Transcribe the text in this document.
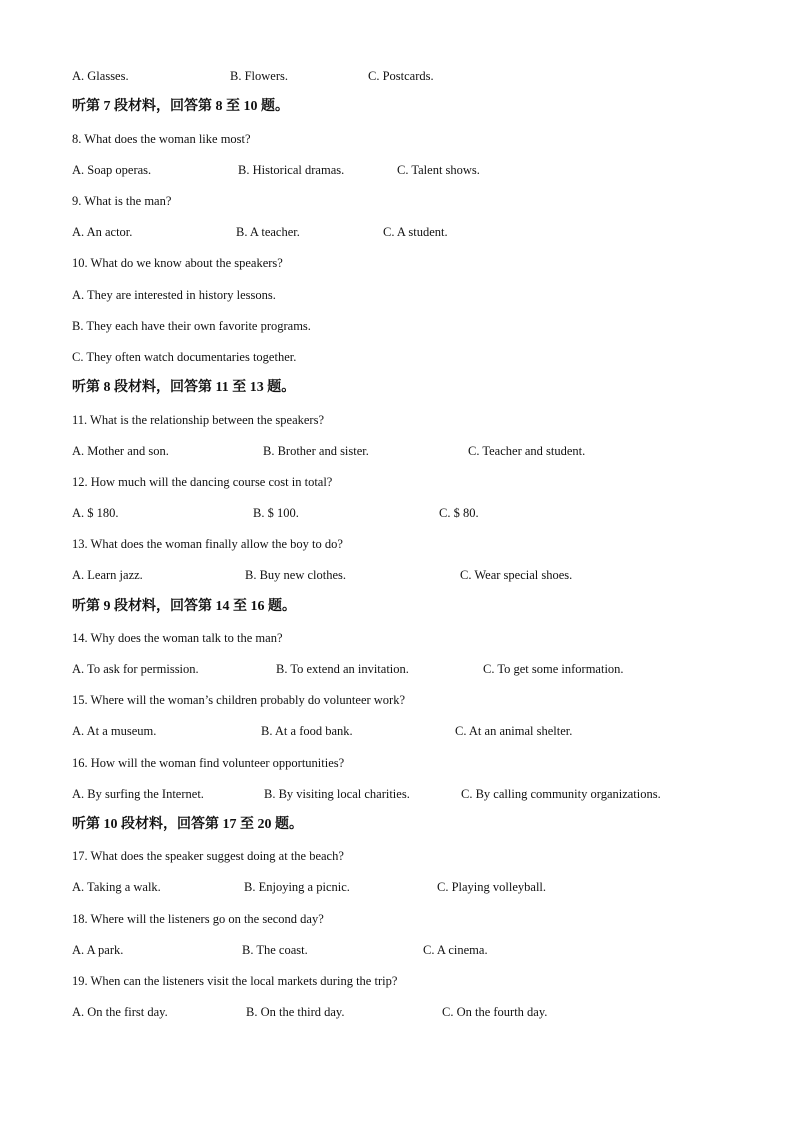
A. Glasses.	B. Flowers.	C. Postcards.
听第 7 段材料，回答第 8 至 10 题。
8. What does the woman like most?
A. Soap operas.	B. Historical dramas.	C. Talent shows.
9. What is the man?
A. An actor.	B. A teacher.	C. A student.
10. What do we know about the speakers?
A. They are interested in history lessons.
B. They each have their own favorite programs.
C. They often watch documentaries together.
听第 8 段材料，回答第 11 至 13 题。
11. What is the relationship between the speakers?
A. Mother and son.	B. Brother and sister.	C. Teacher and student.
12. How much will the dancing course cost in total?
A. $ 180.	B. $ 100.	C. $ 80.
13. What does the woman finally allow the boy to do?
A. Learn jazz.	B. Buy new clothes.	C. Wear special shoes.
听第 9 段材料，回答第 14 至 16 题。
14. Why does the woman talk to the man?
A. To ask for permission.	B. To extend an invitation.	C. To get some information.
15. Where will the woman’s children probably do volunteer work?
A. At a museum.	B. At a food bank.	C. At an animal shelter.
16. How will the woman find volunteer opportunities?
A. By surfing the Internet.	B. By visiting local charities.	C. By calling community organizations.
听第 10 段材料，回答第 17 至 20 题。
17. What does the speaker suggest doing at the beach?
A. Taking a walk.	B. Enjoying a picnic.	C. Playing volleyball.
18. Where will the listeners go on the second day?
A. A park.	B. The coast.	C. A cinema.
19. When can the listeners visit the local markets during the trip?
A. On the first day.	B. On the third day.	C. On the fourth day.
